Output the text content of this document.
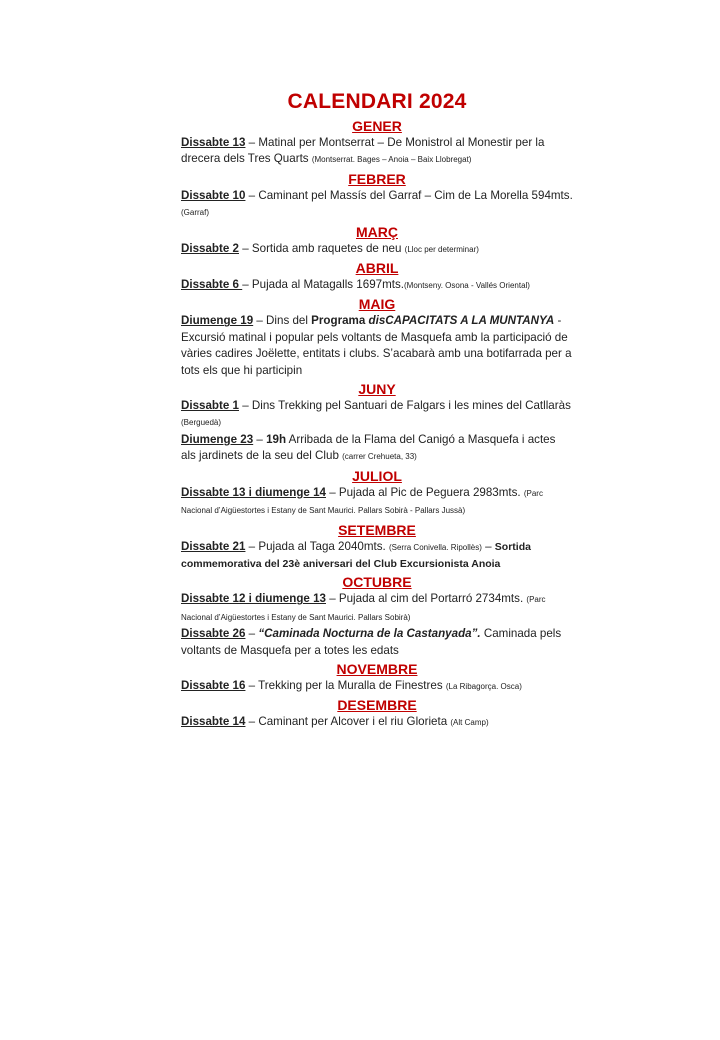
CALENDARI 2024
GENER

Dissabte 13 – Matinal per Montserrat – De Monistrol al Monestir per la drecera dels Tres Quarts (Montserrat. Bages – Anoia – Baix Llobregat)

FEBRER

Dissabte 10 – Caminant pel Massís del Garraf – Cim de La Morella 594mts. (Garraf)

MARÇ

Dissabte 2 – Sortida amb raquetes de neu (Lloc per determinar)

ABRIL

Dissabte 6 – Pujada al Matagalls 1697mts.(Montseny. Osona - Vallés Oriental)

MAIG

Diumenge 19 – Dins del Programa disCAPACITATS A LA MUNTANYA - Excursió matinal i popular pels voltants de Masquefa amb la participació de vàries cadires Joëlette, entitats i clubs. S’acabarà amb una botifarrada per a tots els que hi participin

JUNY

Dissabte 1 – Dins Trekking pel Santuari de Falgars i les mines del Catllaràs (Berguedà)

Diumenge 23 – 19h Arribada de la Flama del Canigó a Masquefa i actes als jardinets de la seu del Club (carrer Crehueta, 33)

JULIOL

Dissabte 13 i diumenge 14 – Pujada al Pic de Peguera 2983mts. (Parc Nacional d’Aigüestortes i Estany de Sant Maurici. Pallars Sobirà - Pallars Jussà)

SETEMBRE

Dissabte 21 – Pujada al Taga 2040mts. (Serra Conivella. Ripollès) – Sortida commemorativa del 23è aniversari del Club Excursionista Anoia

OCTUBRE

Dissabte 12 i diumenge 13 – Pujada al cim del Portarró 2734mts. (Parc Nacional d’Aigüestortes i Estany de Sant Maurici. Pallars Sobirà)

Dissabte 26 – “Caminada Nocturna de la Castanyada”. Caminada pels voltants de Masquefa per a totes les edats

NOVEMBRE

Dissabte 16 – Trekking per la Muralla de Finestres (La Ribagorça. Osca)

DESEMBRE

Dissabte 14 – Caminant per Alcover i el riu Glorieta (Alt Camp)
